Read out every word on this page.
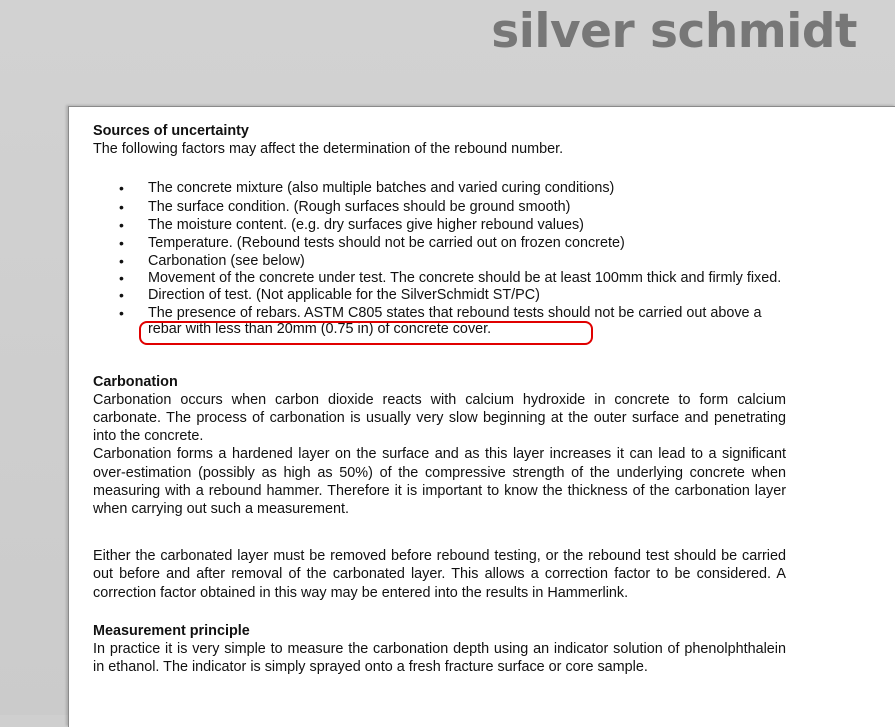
silver schmidt

Sources of uncertainty

The following factors may affect the determination of the rebound number.

• The concrete mixture (also multiple batches and varied curing conditions)
• The surface condition. (Rough surfaces should be ground smooth)
• The moisture content. (e.g. dry surfaces give higher rebound values)
• Temperature. (Rebound tests should not be carried out on frozen concrete)
• Carbonation (see below)
• Movement of the concrete under test. The concrete should be at least 100mm thick and firmly fixed.
• Direction of test. (Not applicable for the SilverSchmidt ST/PC)
• The presence of rebars. ASTM C805 states that rebound tests should not be carried out above a rebar with less than 20mm (0.75 in) of concrete cover.

Carbonation

Carbonation occurs when carbon dioxide reacts with calcium hydroxide in concrete to form calcium carbonate. The process of carbonation is usually very slow beginning at the outer surface and penetrating into the concrete.

Carbonation forms a hardened layer on the surface and as this layer increases it can lead to a significant over-estimation (possibly as high as 50%) of the compressive strength of the underlying concrete when measuring with a rebound hammer. Therefore it is important to know the thickness of the carbonation layer when carrying out such a measurement.

Either the carbonated layer must be removed before rebound testing, or the rebound test should be carried out before and after removal of the carbonated layer. This allows a correction factor to be considered. A correction factor obtained in this way may be entered into the results in Hammerlink.

Measurement principle

In practice it is very simple to measure the carbonation depth using an indicator solution of phenolphthalein in ethanol. The indicator is simply sprayed onto a fresh fracture surface or core sample.
